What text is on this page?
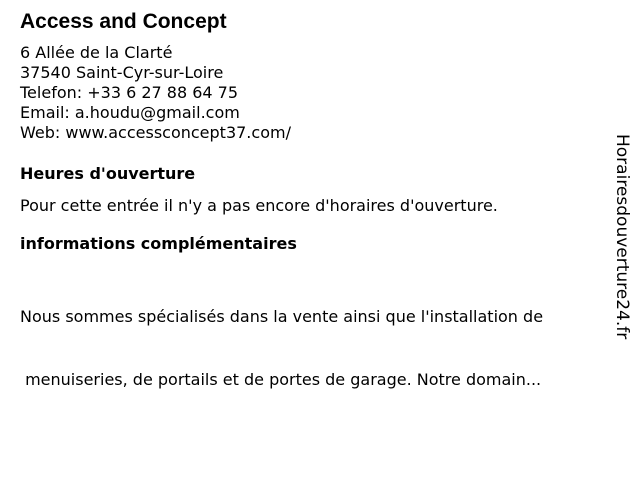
Access and Concept
6 Allée de la Clarté
37540 Saint-Cyr-sur-Loire
Telefon: +33 6 27 88 64 75
Email: a.houdu@gmail.com
Web: www.accessconcept37.com/
Heures d'ouverture
Pour cette entrée il n'y a pas encore d'horaires d'ouverture.
informations complémentaires

Nous sommes spécialisés dans la vente ainsi que l'installation de

menuiseries, de portails et de portes de garage. Notre domain...

Horairesdouverture24.fr
